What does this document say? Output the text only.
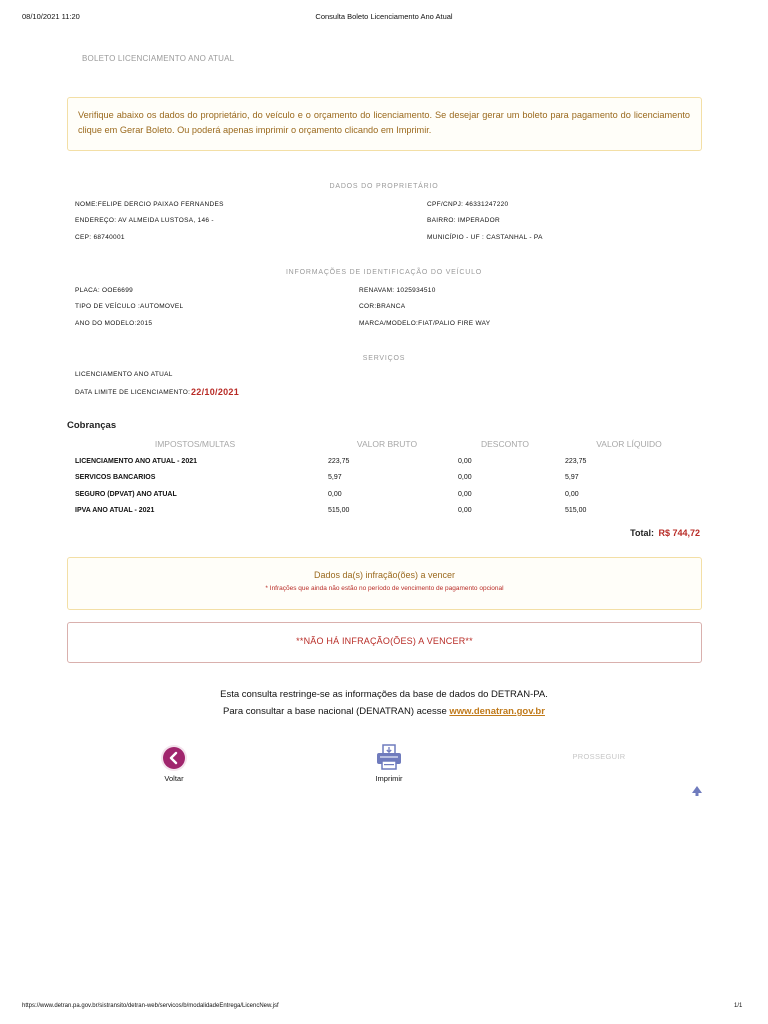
08/10/2021 11:20	Consulta Boleto Licenciamento Ano Atual
BOLETO LICENCIAMENTO ANO ATUAL
Verifique abaixo os dados do proprietário, do veículo e o orçamento do licenciamento. Se desejar gerar um boleto para pagamento do licenciamento clique em Gerar Boleto. Ou poderá apenas imprimir o orçamento clicando em Imprimir.
DADOS DO PROPRIETÁRIO
NOME:FELIPE DERCIO PAIXAO FERNANDES	CPF/CNPJ: 46331247220
ENDEREÇO: AV ALMEIDA LUSTOSA, 146 -	BAIRRO: IMPERADOR
CEP: 68740001	MUNICÍPIO - UF : CASTANHAL - PA
INFORMAÇÕES DE IDENTIFICAÇÃO DO VEÍCULO
PLACA: OOE6699	RENAVAM: 1025934510
TIPO DE VEÍCULO :AUTOMOVEL	COR:BRANCA
ANO DO MODELO:2015	MARCA/MODELO:FIAT/PALIO FIRE WAY
SERVIÇOS
LICENCIAMENTO ANO ATUAL
DATA LIMITE DE LICENCIAMENTO: 22/10/2021
Cobranças
IMPOSTOS/MULTAS	VALOR BRUTO	DESCONTO	VALOR LÍQUIDO
LICENCIAMENTO ANO ATUAL - 2021	223,75	0,00	223,75
SERVICOS BANCARIOS	5,97	0,00	5,97
SEGURO (DPVAT) ANO ATUAL	0,00	0,00	0,00
IPVA ANO ATUAL - 2021	515,00	0,00	515,00
Total: R$ 744,72
Dados da(s) infração(ões) a vencer
* Infrações que ainda não estão no período de vencimento de pagamento opcional
**NÃO HÁ INFRAÇÃO(ÕES) A VENCER**
Esta consulta restringe-se as informações da base de dados do DETRAN-PA.
Para consultar a base nacional (DENATRAN) acesse www.denatran.gov.br
Voltar	Imprimir
PROSSEGUIR
https://www.detran.pa.gov.br/sistransito/detran-web/servicos/b/modalidadeEntrega/LicencNew.jsf	1/1
